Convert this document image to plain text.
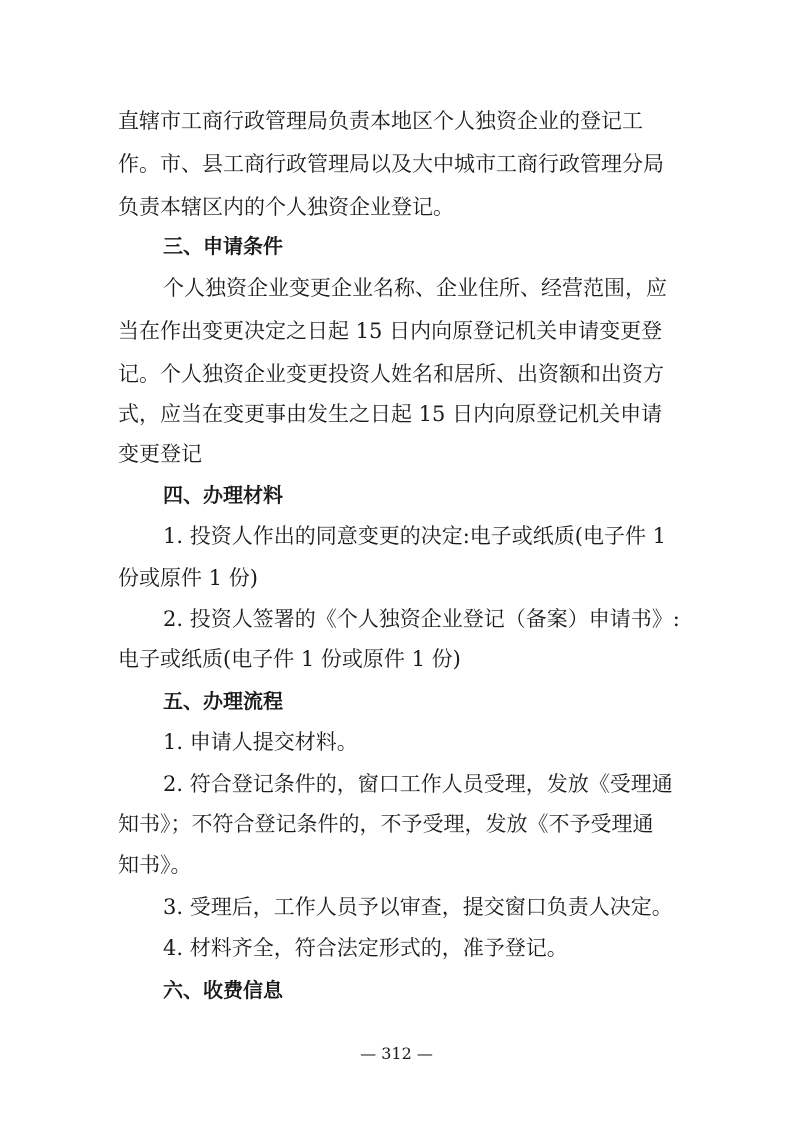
直辖市工商行政管理局负责本地区个人独资企业的登记工
作。市、县工商行政管理局以及大中城市工商行政管理分局
负责本辖区内的个人独资企业登记。
三、申请条件
个人独资企业变更企业名称、企业住所、经营范围，应
当在作出变更决定之日起 15 日内向原登记机关申请变更登
记。个人独资企业变更投资人姓名和居所、出资额和出资方
式，应当在变更事由发生之日起 15 日内向原登记机关申请
变更登记
四、办理材料
1. 投资人作出的同意变更的决定:电子或纸质(电子件 1
份或原件 1 份)
2. 投资人签署的《个人独资企业登记（备案）申请书》:
电子或纸质(电子件 1 份或原件 1 份)
五、办理流程
1. 申请人提交材料。
2. 符合登记条件的，窗口工作人员受理，发放《受理通
知书》；不符合登记条件的，不予受理，发放《不予受理通
知书》。
3. 受理后，工作人员予以审查，提交窗口负责人决定。
4. 材料齐全，符合法定形式的，准予登记。
六、收费信息
— 312 —
